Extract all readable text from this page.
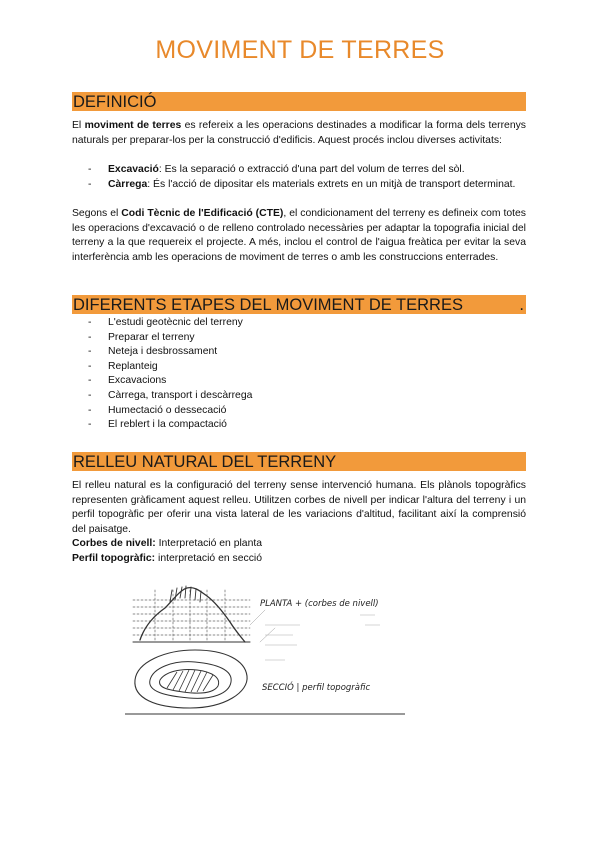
MOVIMENT DE TERRES
DEFINICIÓ
El moviment de terres es refereix a les operacions destinades a modificar la forma dels terrenys naturals per preparar-los per la construcció d'edificis. Aquest procés inclou diverses activitats:
- Excavació: Es la separació o extracció d'una part del volum de terres del sòl.
- Càrrega: És l'acció de dipositar els materials extrets en un mitjà de transport determinat.
Segons el Codi Tècnic de l'Edificació (CTE), el condicionament del terreny es defineix com totes les operacions d'excavació o de relleno controlado necessàries per adaptar la topografia inicial del terreny a la que requereix el projecte. A més, inclou el control de l'aigua freàtica per evitar la seva interferència amb les operacions de moviment de terres o amb les construccions enterrades.
DIFERENTS ETAPES DEL MOVIMENT DE TERRES	.
- L'estudi geotècnic del terreny
- Preparar el terreny
- Neteja i desbrossament
- Replanteig
- Excavacions
- Càrrega, transport i descàrrega
- Humectació o dessecació
- El reblert i la compactació
RELLEU NATURAL DEL TERRENY
El relleu natural es la configuració del terreny sense intervenció humana. Els plànols topogràfics representen gràficament aquest relleu. Utilitzen corbes de nivell per indicar l'altura del terreny i un perfil topogràfic per oferir una vista lateral de les variacions d'altitud, facilitant així la comprensió del paisatge.
Corbes de nivell: Interpretació en planta
Perfil topogràfic: interpretació en secció
PLANTA + (corbes de nivell)
SECCIÓ | perfil topogràfic
